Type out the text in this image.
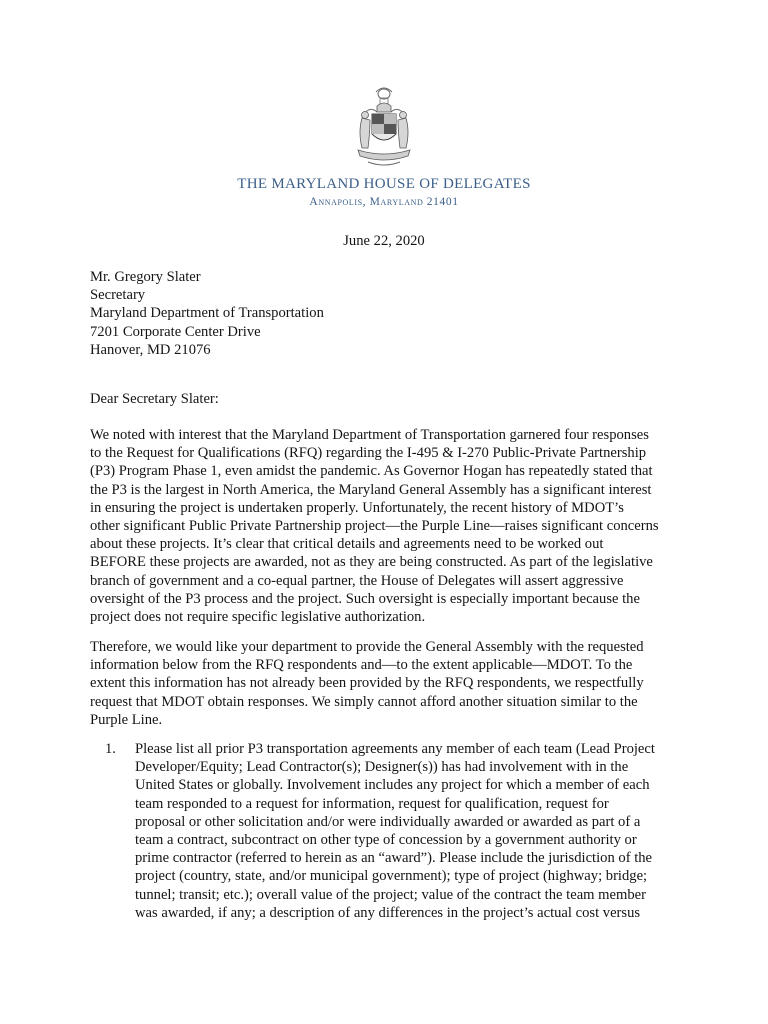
THE MARYLAND HOUSE OF DELEGATES
Annapolis, Maryland 21401
June 22, 2020
Mr. Gregory Slater
Secretary
Maryland Department of Transportation
7201 Corporate Center Drive
Hanover, MD 21076
Dear Secretary Slater:
We noted with interest that the Maryland Department of Transportation garnered four responses
to the Request for Qualifications (RFQ) regarding the I-495 & I-270 Public-Private Partnership
(P3) Program Phase 1, even amidst the pandemic. As Governor Hogan has repeatedly stated that
the P3 is the largest in North America, the Maryland General Assembly has a significant interest
in ensuring the project is undertaken properly. Unfortunately, the recent history of MDOT’s
other significant Public Private Partnership project—the Purple Line—raises significant concerns
about these projects. It’s clear that critical details and agreements need to be worked out
BEFORE these projects are awarded, not as they are being constructed. As part of the legislative
branch of government and a co-equal partner, the House of Delegates will assert aggressive
oversight of the P3 process and the project. Such oversight is especially important because the
project does not require specific legislative authorization.
Therefore, we would like your department to provide the General Assembly with the requested
information below from the RFQ respondents and—to the extent applicable—MDOT. To the
extent this information has not already been provided by the RFQ respondents, we respectfully
request that MDOT obtain responses. We simply cannot afford another situation similar to the
Purple Line.
1. Please list all prior P3 transportation agreements any member of each team (Lead Project
Developer/Equity; Lead Contractor(s); Designer(s)) has had involvement with in the
United States or globally. Involvement includes any project for which a member of each
team responded to a request for information, request for qualification, request for
proposal or other solicitation and/or were individually awarded or awarded as part of a
team a contract, subcontract on other type of concession by a government authority or
prime contractor (referred to herein as an “award”). Please include the jurisdiction of the
project (country, state, and/or municipal government); type of project (highway; bridge;
tunnel; transit; etc.); overall value of the project; value of the contract the team member
was awarded, if any; a description of any differences in the project’s actual cost versus
